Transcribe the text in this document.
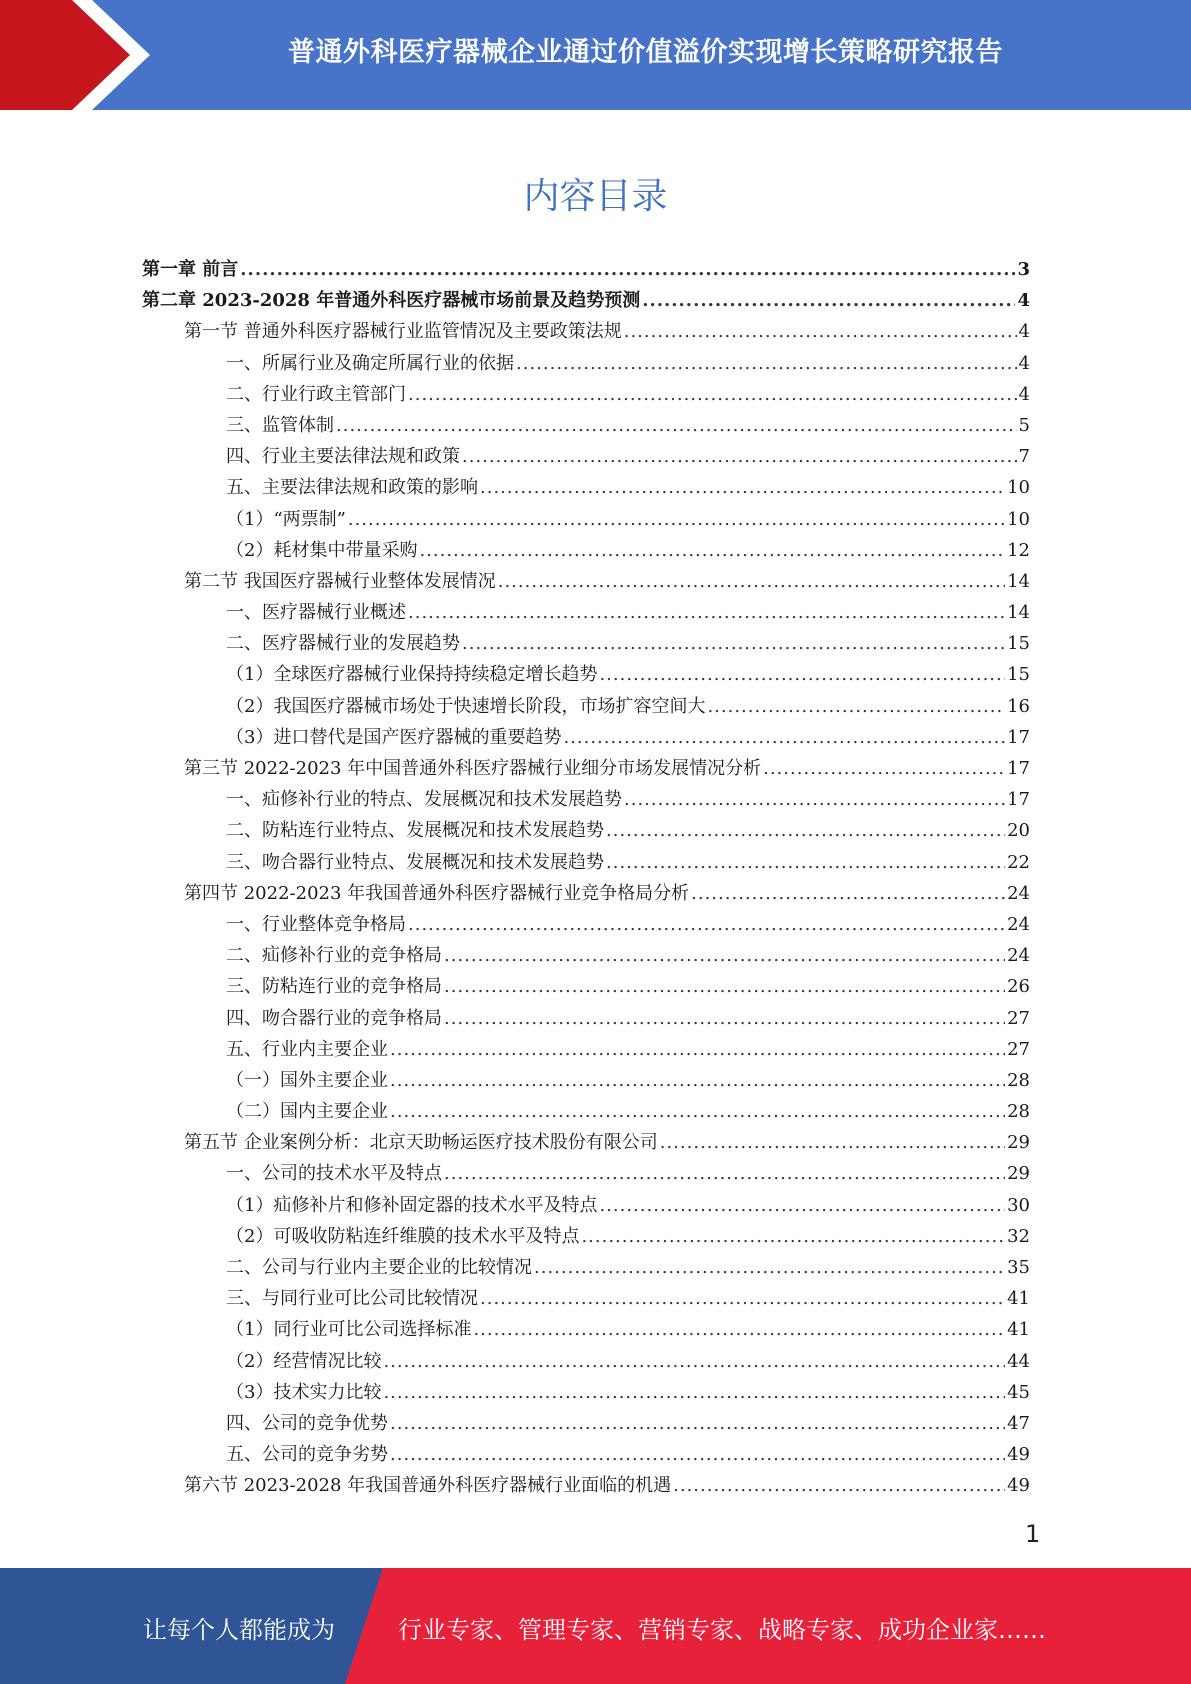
普通外科医疗器械企业通过价值溢价实现增长策略研究报告
内容目录
第一章 前言 .....	3
第二章 2023-2028 年普通外科医疗器械市场前景及趋势预测 .....	4
第一节 普通外科医疗器械行业监管情况及主要政策法规 .....	4
一、所属行业及确定所属行业的依据 .....	4
二、行业行政主管部门 .....	4
三、监管体制 .....	5
四、行业主要法律法规和政策 .....	7
五、主要法律法规和政策的影响 .....	10
（1）“两票制” .....	10
（2）耗材集中带量采购 .....	12
第二节 我国医疗器械行业整体发展情况 .....	14
一、医疗器械行业概述 .....	14
二、医疗器械行业的发展趋势 .....	15
（1）全球医疗器械行业保持持续稳定增长趋势 .....	15
（2）我国医疗器械市场处于快速增长阶段，市场扩容空间大 .....	16
（3）进口替代是国产医疗器械的重要趋势 .....	17
第三节 2022-2023 年中国普通外科医疗器械行业细分市场发展情况分析 .....	17
一、疝修补行业的特点、发展概况和技术发展趋势 .....	17
二、防粘连行业特点、发展概况和技术发展趋势 .....	20
三、吻合器行业特点、发展概况和技术发展趋势 .....	22
第四节 2022-2023 年我国普通外科医疗器械行业竞争格局分析 .....	24
一、行业整体竞争格局 .....	24
二、疝修补行业的竞争格局 .....	24
三、防粘连行业的竞争格局 .....	26
四、吻合器行业的竞争格局 .....	27
五、行业内主要企业 .....	27
（一）国外主要企业 .....	28
（二）国内主要企业 .....	28
第五节 企业案例分析：北京天助畅运医疗技术股份有限公司 .....	29
一、公司的技术水平及特点 .....	29
（1）疝修补片和修补固定器的技术水平及特点 .....	30
（2）可吸收防粘连纤维膜的技术水平及特点 .....	32
二、公司与行业内主要企业的比较情况 .....	35
三、与同行业可比公司比较情况 .....	41
（1）同行业可比公司选择标准 .....	41
（2）经营情况比较 .....	44
（3）技术实力比较 .....	45
四、公司的竞争优势 .....	47
五、公司的竞争劣势 .....	49
第六节 2023-2028 年我国普通外科医疗器械行业面临的机遇 .....	49
1
让每个人都能成为	行业专家、管理专家、营销专家、战略专家、成功企业家……
